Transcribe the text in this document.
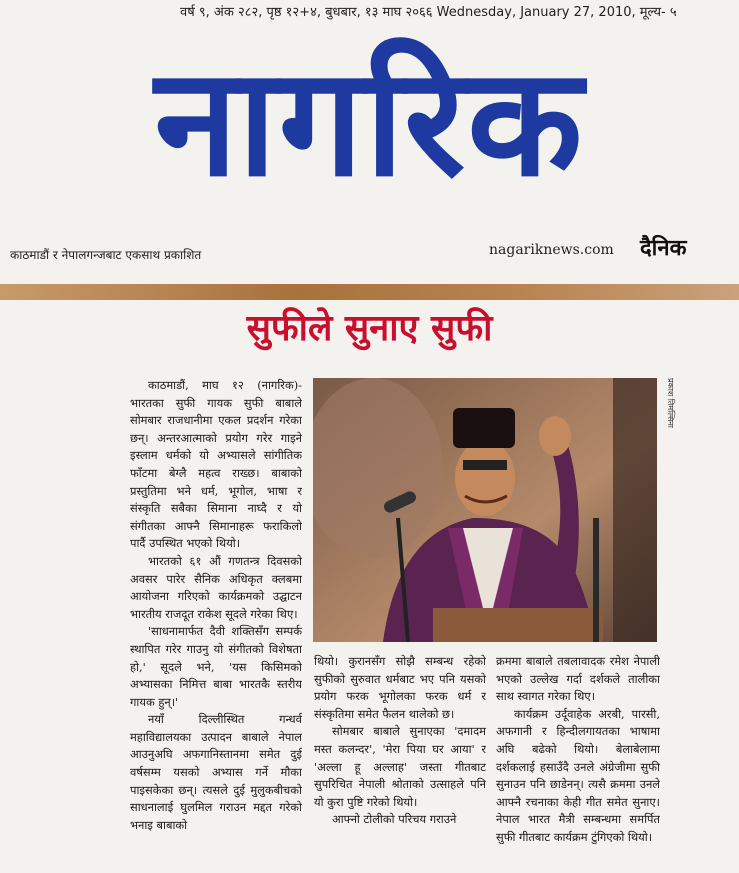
वर्ष ९, अंक २८२, पृष्ठ १२+४, बुधबार, १३ माघ २०६६ Wednesday, January 27, 2010, मूल्य- ५
नागरिक
काठमाडौं र नेपालगन्जबाट एकसाथ प्रकाशित	nagariknews.com दैनिक
सुफीले सुनाए सुफी

काठमाडौं, माघ १२ (नागरिक)- भारतका सुफी गायक सुफी बाबाले सोमबार राजधानीमा एकल प्रदर्शन गरेका छन्। अन्तरआत्माको प्रयोग गरेर गाइने इस्लाम धर्मको यो अभ्यासले सांगीतिक फाँटमा बेग्लै महत्व राख्छ। बाबाको प्रस्तुतिमा भने धर्म, भूगोल, भाषा र संस्कृति सबैका सिमाना नाघ्दै र यो संगीतका आफ्नै सिमानाहरू फराकिलो पार्दै उपस्थित भएको थियो।

भारतको ६१ औं गणतन्त्र दिवसको अवसर पारेर सैनिक अधिकृत क्लबमा आयोजना गरिएको कार्यक्रमको उद्घाटन भारतीय राजदूत राकेश सूदले गरेका थिए।

'साधनामार्फत दैवी शक्तिसँग सम्पर्क स्थापित गरेर गाउनु यो संगीतको विशेषता हो,' सूदले भने, 'यस किसिमको अभ्यासका निमित्त बाबा भारतकै स्तरीय गायक हुन्।'

नयाँ दिल्लीस्थित गन्धर्व महाविद्यालयका उत्पादन बाबाले नेपाल आउनुअघि अफगानिस्तानमा समेत दुई वर्षसम्म यसको अभ्यास गर्ने मौका पाइसकेका छन्। त्यसले दुई मुलुकबीचको साधनालाई घुलमिल गराउन मद्दत गरेको भनाइ बाबाको

प्रकाश तिमल्सिना

थियो। कुरानसँग सोझै सम्बन्ध रहेको सुफीको सुरुवात धर्मबाट भए पनि यसको प्रयोग फरक भूगोलका फरक धर्म र संस्कृतिमा समेत फैलन थालेको छ।

सोमबार बाबाले सुनाएका 'दमादम मस्त कलन्दर', 'मेरा पिया घर आया' र 'अल्ला हू अल्लाह' जस्ता गीतबाट सुपरिचित नेपाली श्रोताको उत्साहले पनि यो कुरा पुष्टि गरेको थियो।

आफ्नो टोलीको परिचय गराउने

क्रममा बाबाले तबलावादक रमेश नेपाली भएको उल्लेख गर्दा दर्शकले तालीका साथ स्वागत गरेका थिए।

कार्यक्रम उर्दूवाहेक अरबी, पारसी, अफगानी र हिन्दीलगायतका भाषामा अघि बढेको थियो। बेलाबेलामा दर्शकलाई हसाउँदै उनले अंग्रेजीमा सुफी सुनाउन पनि छाडेनन्। त्यसै क्रममा उनले आफ्नै रचनाका केही गीत समेत सुनाए। नेपाल भारत मैत्री सम्बन्धमा समर्पित सुफी गीतबाट कार्यक्रम टुंगिएको थियो।
